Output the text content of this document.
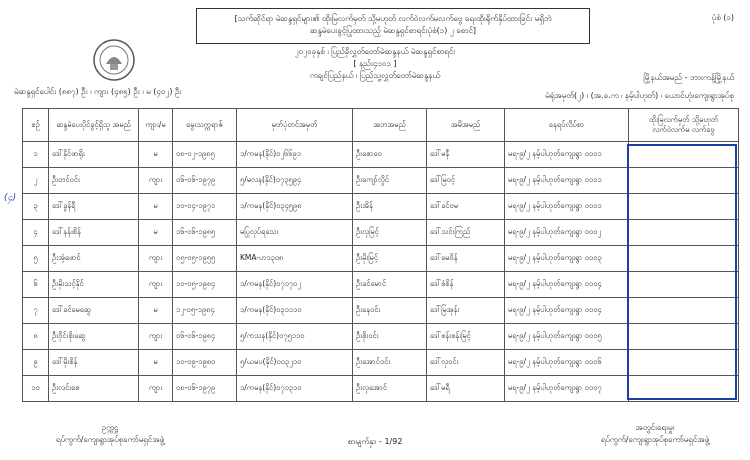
ပုံစံ (၁)
[သက်ဆိုင်ရာ မဲဆန္ဒရှင်များ၏ ထိုးမြလက်မှတ် သို့မဟုတ် လက်ဝဲလက်မလက်ဗွေ ရေးထိုးရိုက်နှိပ်ထားခြင်း မရှိဘဲ
ဆန္ဒမဲပေးခွင့်ပြုထားသည့် မဲဆန္ဒရှင်စာရင်းပုံစံ(၁) ၂ စောင်]
၂၀၂၀ခုနှစ် ၊ ပြည်ခိုလွှတ်တော်မဲဆန္ဒနယ် မဲဆန္ဒရှင်စာရင်း
[ နည်း၄၁ဝ၁ ]
ကချင်ပြည်နယ် ၊ ပြည်သူ့လွှတ်တော်မဲဆန္ဒနယ်
မဲဆန္ဒရှင်ပေါင်း (၈၈၇) ဦး ၊ ကျား (၄၈၅) ဦး ၊ မ (၄၀၂) ဦး
မြို့နယ်အမည် - ဘားကန့်မြို့နယ်
မဲရုံအမှတ်(၂) ၊ (အ.ခ.က ၊ နမ့်ပါဟုတ်) ၊ ယောင်ဟုံးကျေးရွာအုပ်စု
(၄)
စဉ်	ဆန္ဒမဲပေးပိုင်ခွင့်ရှိသူ အမည်	ကျား/မ	မွေးသက္ကရာဇ်	မှတ်ပုံတင်အမှတ်	အဘအမည်	အမိအမည်	နေရပ်လိပ်စာ	ထိုးမြလက်မှတ် သို့မဟုတ် လက်ဝဲလက်မ လက်ဗွေ
၁	ဒေါ်နိုင်ဖာရိုး	မ	၀၈-၀၂-၁၉၈၅	၁/ကမန(နိုင်)၀၂၆၆၉၁	ဦးစောဝေ	ဒေါ်မနီ	မရ-၉/၂ နမ့်ပါဟုတ်ကျေးရွာ ၀၀၀၁	
၂	ဦးတင်ဝင်း	ကျား	၀၆-၀၆-၁၉၇၉	၅/မလန(နိုင်)၀၇၃၅၉၄	ဦးကျော်လှိုင်	ဒေါ်မြဝင့်	မရ-၉/၂ နမ့်ပါဟုတ်ကျေးရွာ ၀၀၀၁	
၃	ဒေါ်ခွန်ရီ	မ	၁၀-၀၄-၁၉၇၁	၁/ကမန(နိုင်)၀၃၄၅၉၈	ဦးအိန်	ဒေါ်ခင်ဗမ	မရ-၉/၂ နမ့်ပါဟုတ်ကျေးရွာ ၀၀၀၁	
၄	ဒေါ်နန်းစိန်	မ	၁၆-၀၆-၁၉၈၅	မပြုလုပ်ရသေး	ဦးလှမြင့်	ဒေါ်သင်းကြည်	မရ-၉/၂ နမ့်ပါဟုတ်ကျေးရွာ ၀၀၀၂	
၅	ဦးအံ့ဖောင်	ကျား	၀၅-၀၅-၁၉၅၅	KMA-ဟ၁၃၀၈	ဦးမိုးမြင့်	ဒေါ်မေဗိန်	မရ-၉/၂ နမ့်ပါဟုတ်ကျေးရွာ ၀၀၀၃	
၆	ဦးမိုးသင့်နိုင်	ကျား	၁၀-၀၅-၁၉၈၄	၁/ကမန(နိုင်)၀၇၁၇၀၂	ဦးခင်မောင်	ဒေါ်စံစိန်	မရ-၉/၂ နမ့်ပါဟုတ်ကျေးရွာ ၀၀၀၄	
၇	ဒေါ်ခင်မေဆွေ	မ	၁၂-၀၅-၁၉၈၄	၁/ကမန(နိုင်)၀၃၁၁၁၀	ဦးနေဝင်း	ဒေါ်မြအုန်း	မရ-၉/၂ နမ့်ပါဟုတ်ကျေးရွာ ၀၀၀၄	
၈	ဦးဝိုင်းစိုးဆွေ	ကျား	၀၆-၀၆-၁၉၈၄	၅/ကသန(နိုင်)၀၇၅၁၁၀	ဦးစိုးဝင်း	ဒေါ်စန်းစန်းမြင့်	မရ-၉/၂ နမ့်ပါဟုတ်ကျေးရွာ ၀၀၀၅	
၉	ဒေါ်မိုးစိန်	မ	၁၀-၀၉-၁၉၈၀	၅/ယမပ(နိုင်)၀၀၃၂၁၀	ဦးအောင်ဝင်း	ဒေါ်လှဝင်း	မရ-၉/၂ နမ့်ပါဟုတ်ကျေးရွာ ၀၀၀၆	
၁၀	ဦးလင်းစေ	ကျား	၀၈-၀၆-၁၉၇၉	၁/ကမန(နိုင်)၀၇၁၃၁၀	ဦးလှအောင်	ဒေါ်မရီ	မရ-၉/၂ နမ့်ပါဟုတ်ကျေးရွာ ၀၀၀၇	
ဥက္ကဋ္ဌ
ရပ်ကွက်/ကျေးရွာအုပ်စုကော်မရှင်အဖွဲ့	စာမျက်နှာ - 1/92
အတွင်းရေးမှူး
ရပ်ကွက်/ကျေးရွာအုပ်စုကော်မရှင်အဖွဲ့
